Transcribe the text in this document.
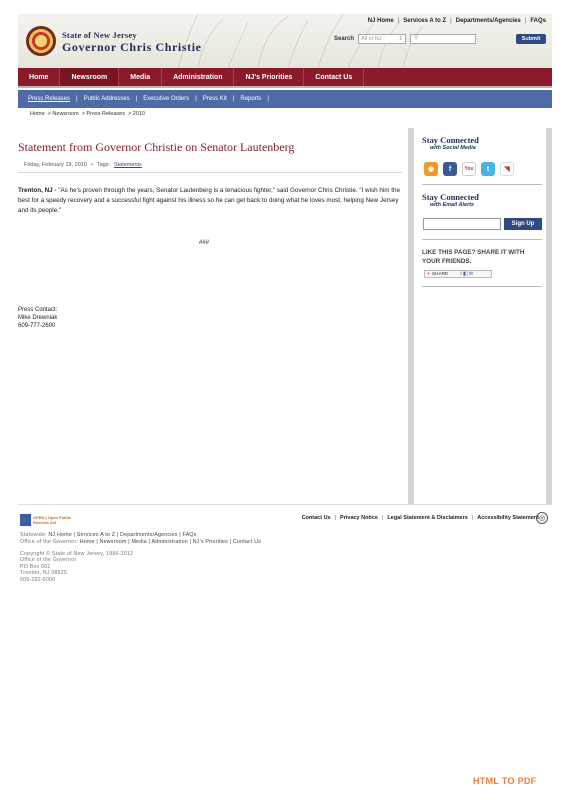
State of New Jersey
Governor Chris Christie
NJ Home | Services A to Z | Departments/Agencies | FAQs
Search All of NJ	⇕	⚲	Submit
Home	Newsroom	Media	Administration	NJ's Priorities	Contact Us
Press Releases | Public Addresses | Executive Orders | Press Kit | Reports |
Home > Newsroom > Press Releases > 2010
Statement from Governor Christie on Senator Lautenberg
Friday, February 19, 2010 • Tags: Statements
Trenton, NJ - "As he's proven through the years, Senator Lautenberg is a tenacious fighter," said Governor Chris Christie. "I wish him the best for a speedy recovery and a successful fight against his illness so he can get back to doing what he loves most, helping New Jersey and its people."
###
Press Contact:
Mike Drewniak
609-777-2600
Stay Connected
with Social Media
◉	f	You	t	◥
Stay Connected
with Email Alerts
Sign Up
LIKE THIS PAGE? SHARE IT WITH YOUR FRIENDS.
+ SHARE	f ◧ ✉
OPRA | Open Public Records Act
Contact Us | Privacy Notice | Legal Statement & Disclaimers | Accessibility Statement ◎
Statewide: NJ Home | Services A to Z | Departments/Agencies | FAQs
Office of the Governor: Home | Newsroom | Media | Administration | NJ's Priorities | Contact Us
Copyright © State of New Jersey, 1996-2012
Office of the Governor
PO Box 001
Trenton, NJ 08625
609-292-6000
HTML TO PDF
